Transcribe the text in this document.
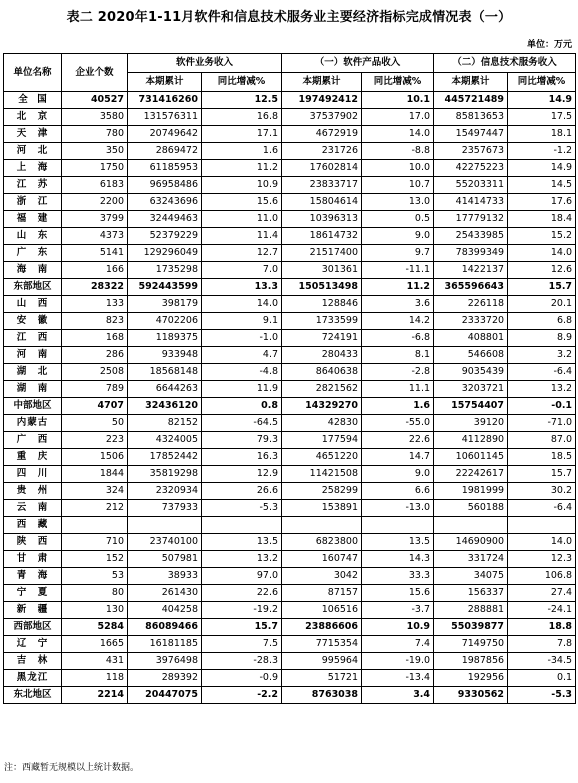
表二 2020年1-11月软件和信息技术服务业主要经济指标完成情况表（一）
单位：万元
单位名称	企业个数	软件业务收入		（一）软件产品收入		（二）信息技术服务收入	
		本期累计	同比增减%	本期累计	同比增减%	本期累计	同比增减%
全　国	40527	731416260	12.5	197492412	10.1	445721489	14.9
北　京	3580	131576311	16.8	37537902	17.0	85813653	17.5
天　津	780	20749642	17.1	4672919	14.0	15497447	18.1
河　北	350	2869472	1.6	231726	-8.8	2357673	-1.2
上　海	1750	61185953	11.2	17602814	10.0	42275223	14.9
江　苏	6183	96958486	10.9	23833717	10.7	55203311	14.5
浙　江	2200	63243696	15.6	15804614	13.0	41414733	17.6
福　建	3799	32449463	11.0	10396313	0.5	17779132	18.4
山　东	4373	52379229	11.4	18614732	9.0	25433985	15.2
广　东	5141	129296049	12.7	21517400	9.7	78399349	14.0
海　南	166	1735298	7.0	301361	-11.1	1422137	12.6
东部地区	28322	592443599	13.3	150513498	11.2	365596643	15.7
山　西	133	398179	14.0	128846	3.6	226118	20.1
安　徽	823	4702206	9.1	1733599	14.2	2333720	6.8
江　西	168	1189375	-1.0	724191	-6.8	408801	8.9
河　南	286	933948	4.7	280433	8.1	546608	3.2
湖　北	2508	18568148	-4.8	8640638	-2.8	9035439	-6.4
湖　南	789	6644263	11.9	2821562	11.1	3203721	13.2
中部地区	4707	32436120	0.8	14329270	1.6	15754407	-0.1
内蒙古	50	82152	-64.5	42830	-55.0	39120	-71.0
广　西	223	4324005	79.3	177594	22.6	4112890	87.0
重　庆	1506	17852442	16.3	4651220	14.7	10601145	18.5
四　川	1844	35819298	12.9	11421508	9.0	22242617	15.7
贵　州	324	2320934	26.6	258299	6.6	1981999	30.2
云　南	212	737933	-5.3	153891	-13.0	560188	-6.4
西　藏							
陕　西	710	23740100	13.5	6823800	13.5	14690900	14.0
甘　肃	152	507981	13.2	160747	14.3	331724	12.3
青　海	53	38933	97.0	3042	33.3	34075	106.8
宁　夏	80	261430	22.6	87157	15.6	156337	27.4
新　疆	130	404258	-19.2	106516	-3.7	288881	-24.1
西部地区	5284	86089466	15.7	23886606	10.9	55039877	18.8
辽　宁	1665	16181185	7.5	7715354	7.4	7149750	7.8
吉　林	431	3976498	-28.3	995964	-19.0	1987856	-34.5
黑龙江	118	289392	-0.9	51721	-13.4	192956	0.1
东北地区	2214	20447075	-2.2	8763038	3.4	9330562	-5.3
注：西藏暂无规模以上统计数据。
